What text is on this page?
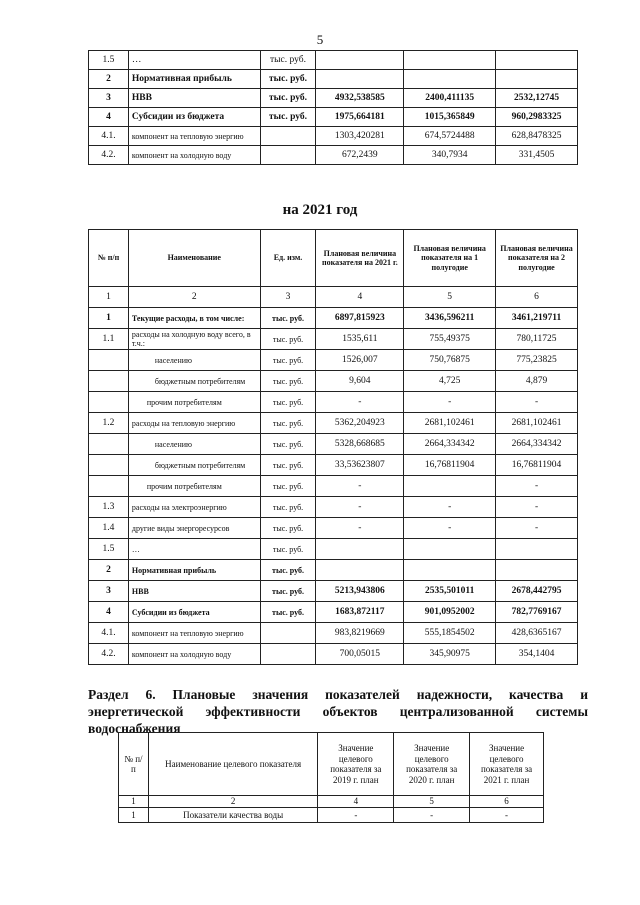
5
1.5	…	тыс. руб.			
2	Нормативная прибыль	тыс. руб.			
3	НВВ	тыс. руб.	4932,538585	2400,411135	2532,12745
4	Субсидии из бюджета	тыс. руб.	1975,664181	1015,365849	960,2983325
4.1.	компонент на тепловую энергию		1303,420281	674,5724488	628,8478325
4.2.	компонент на холодную воду		672,2439	340,7934	331,4505
на 2021 год
№ п/п	Наименование	Ед. изм.	Плановая величина показателя на 2021 г.	Плановая величина показателя на 1 полугодие	Плановая величина показателя на 2 полугодие
1	2	3	4	5	6
1	Текущие расходы, в том числе:	тыс. руб.	6897,815923	3436,596211	3461,219711
1.1	расходы на холодную воду всего, в т.ч.:	тыс. руб.	1535,611	755,49375	780,11725
	населению	тыс. руб.	1526,007	750,76875	775,23825
	бюджетным потребителям	тыс. руб.	9,604	4,725	4,879
	прочим потребителям	тыс. руб.	-	-	-
1.2	расходы на тепловую энергию	тыс. руб.	5362,204923	2681,102461	2681,102461
	населению	тыс. руб.	5328,668685	2664,334342	2664,334342
	бюджетным потребителям	тыс. руб.	33,53623807	16,76811904	16,76811904
	прочим потребителям	тыс. руб.	-		-
1.3	расходы на электроэнергию	тыс. руб.	-	-	-
1.4	другие виды энергоресурсов	тыс. руб.	-	-	-
1.5	…	тыс. руб.			
2	Нормативная прибыль	тыс. руб.			
3	НВВ	тыс. руб.	5213,943806	2535,501011	2678,442795
4	Субсидии из бюджета	тыс. руб.	1683,872117	901,0952002	782,7769167
4.1.	компонент на тепловую энергию		983,8219669	555,1854502	428,6365167
4.2.	компонент на холодную воду		700,05015	345,90975	354,1404
Раздел 6. Плановые значения показателей надежности, качества и энергетической эффективности объектов централизованной системы водоснабжения
№ п/ п	Наименование целевого показателя	Значение целевого показателя за 2019 г. план	Значение целевого показателя за 2020 г. план	Значение целевого показателя за 2021 г. план
1	2	4	5	6
1	Показатели качества воды	-	-	-
